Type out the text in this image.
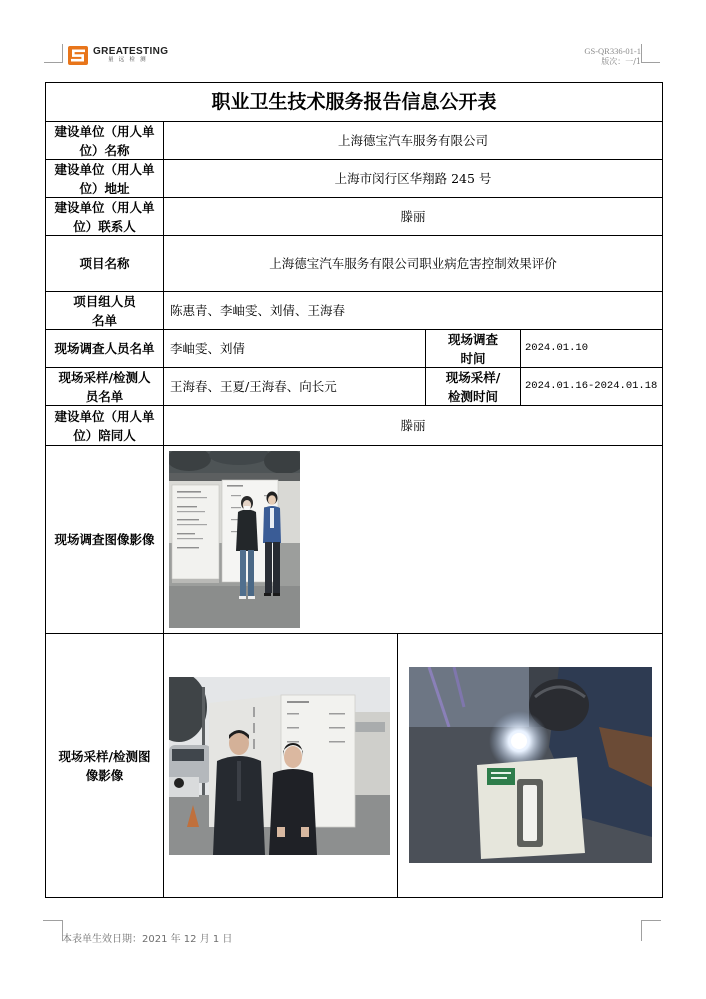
GREATESTING
量远检测
GS-QR336-01-1
版次：一/1
职业卫生技术服务报告信息公开表
建设单位（用人单
位）名称
上海德宝汽车服务有限公司
建设单位（用人单
位）地址
上海市闵行区华翔路 245 号
建设单位（用人单
位）联系人
滕丽
项目名称	上海德宝汽车服务有限公司职业病危害控制效果评价
项目组人员
名单
陈惠青、李岫雯、刘倩、王海春
现场调查人员名单	李岫雯、刘倩
现场调查
时间
2024.01.10
现场采样/检测人
员名单
王海春、王夏/王海春、向长元
现场采样/
检测时间
2024.01.16-2024.01.18
建设单位（用人单
位）陪同人
滕丽
现场调查图像影像
现场采样/检测图
像影像
本表单生效日期：2021 年 12 月 1 日
